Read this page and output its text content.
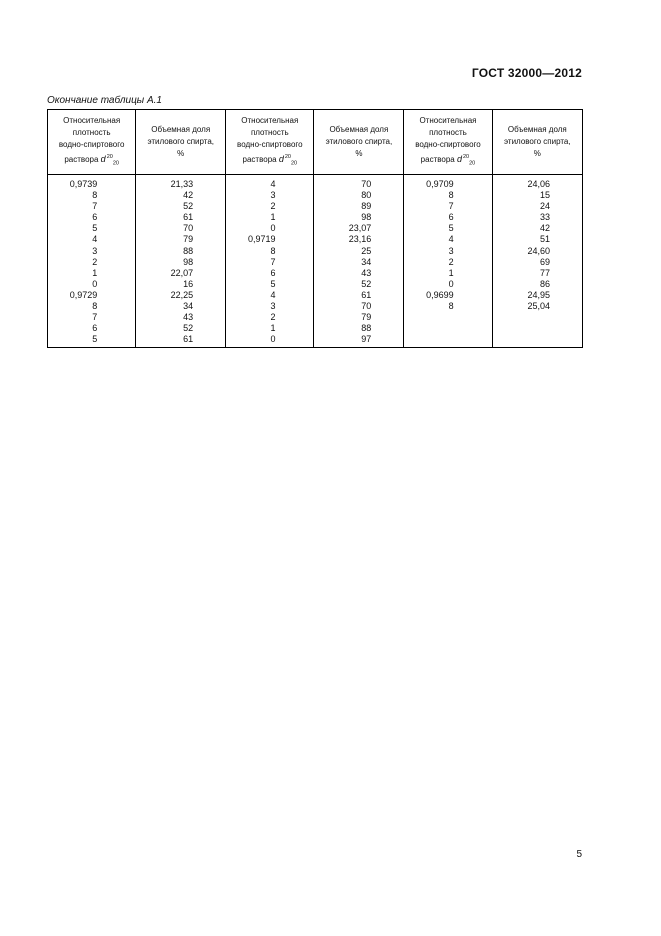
ГОСТ 32000—2012
Окончание таблицы А.1
Относительная
плотность
водно-спиртового
раствора $d^{20}_{20}$	Объемная доля
этилового спирта,
%	Относительная
плотность
водно-спиртового
раствора $d^{20}_{20}$	Объемная доля
этилового спирта,
%	Относительная
плотность
водно-спиртового
раствора $d^{20}_{20}$	Объемная доля
этилового спирта,
%
0,9739	21,33	4	70	0,9709	24,06
8	42	3	80	8	15
7	52	2	89	7	24
6	61	1	98	6	33
5	70	0	23,07	5	42
4	79	0,9719	23,16	4	51
3	88	8	25	3	24,60
2	98	7	34	2	69
1	22,07	6	43	1	77
0	16	5	52	0	86
0,9729	22,25	4	61	0,9699	24,95
8	34	3	70	8	25,04
7	43	2	79		
6	52	1	88		
5	61	0	97		
5
